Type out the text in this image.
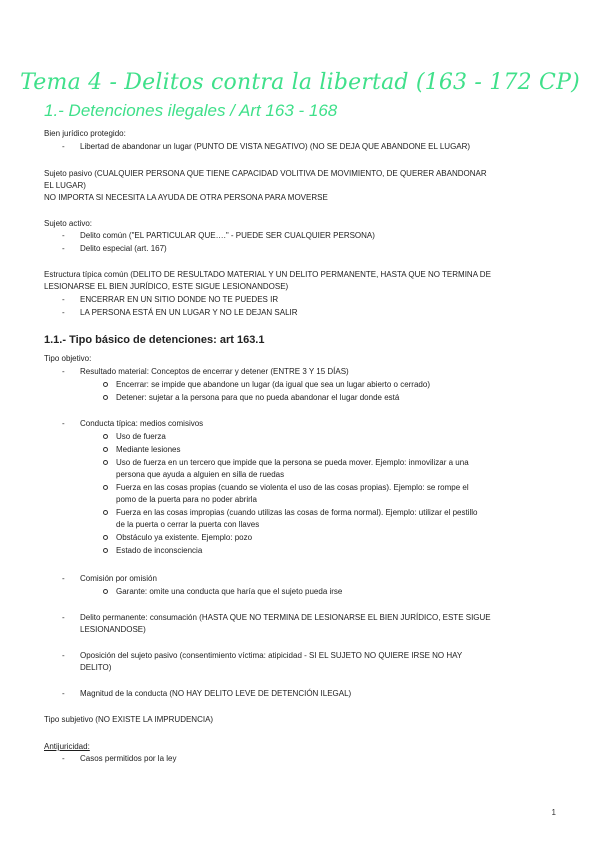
Tema 4 - Delitos contra la libertad (163 - 172 CP)
1.- Detenciones ilegales / Art 163 - 168
Bien jurídico protegido:
- Libertad de abandonar un lugar (PUNTO DE VISTA NEGATIVO) (NO SE DEJA QUE ABANDONE EL LUGAR)
Sujeto pasivo (CUALQUIER PERSONA QUE TIENE CAPACIDAD VOLITIVA DE MOVIMIENTO, DE QUERER ABANDONAR
EL LUGAR)
NO IMPORTA SI NECESITA LA AYUDA DE OTRA PERSONA PARA MOVERSE
Sujeto activo:
- Delito común ("EL PARTICULAR QUE…." - PUEDE SER CUALQUIER PERSONA)
- Delito especial (art. 167)
Estructura típica común (DELITO DE RESULTADO MATERIAL Y UN DELITO PERMANENTE, HASTA QUE NO TERMINA DE
LESIONARSE EL BIEN JURÍDICO, ESTE SIGUE LESIONANDOSE)
- ENCERRAR EN UN SITIO DONDE NO TE PUEDES IR
- LA PERSONA ESTÁ EN UN LUGAR Y NO LE DEJAN SALIR
1.1.- Tipo básico de detenciones: art 163.1
Tipo objetivo:
- Resultado material: Conceptos de encerrar y detener (ENTRE 3 Y 15 DÍAS)
Encerrar: se impide que abandone un lugar (da igual que sea un lugar abierto o cerrado)
Detener: sujetar a la persona para que no pueda abandonar el lugar donde está
- Conducta típica: medios comisivos
Uso de fuerza
Mediante lesiones
Uso de fuerza en un tercero que impide que la persona se pueda mover. Ejemplo: inmovilizar a una
persona que ayuda a alguien en silla de ruedas
Fuerza en las cosas propias (cuando se violenta el uso de las cosas propias). Ejemplo: se rompe el
pomo de la puerta para no poder abrirla
Fuerza en las cosas impropias (cuando utilizas las cosas de forma normal). Ejemplo: utilizar el pestillo
de la puerta o cerrar la puerta con llaves
Obstáculo ya existente. Ejemplo: pozo
Estado de inconsciencia
- Comisión por omisión
Garante: omite una conducta que haría que el sujeto pueda irse
- Delito permanente: consumación (HASTA QUE NO TERMINA DE LESIONARSE EL BIEN JURÍDICO, ESTE SIGUE
LESIONANDOSE)
- Oposición del sujeto pasivo (consentimiento víctima: atipicidad - SI EL SUJETO NO QUIERE IRSE NO HAY
DELITO)
- Magnitud de la conducta (NO HAY DELITO LEVE DE DETENCIÓN ILEGAL)
Tipo subjetivo (NO EXISTE LA IMPRUDENCIA)
Antijuricidad:
- Casos permitidos por la ley
1
